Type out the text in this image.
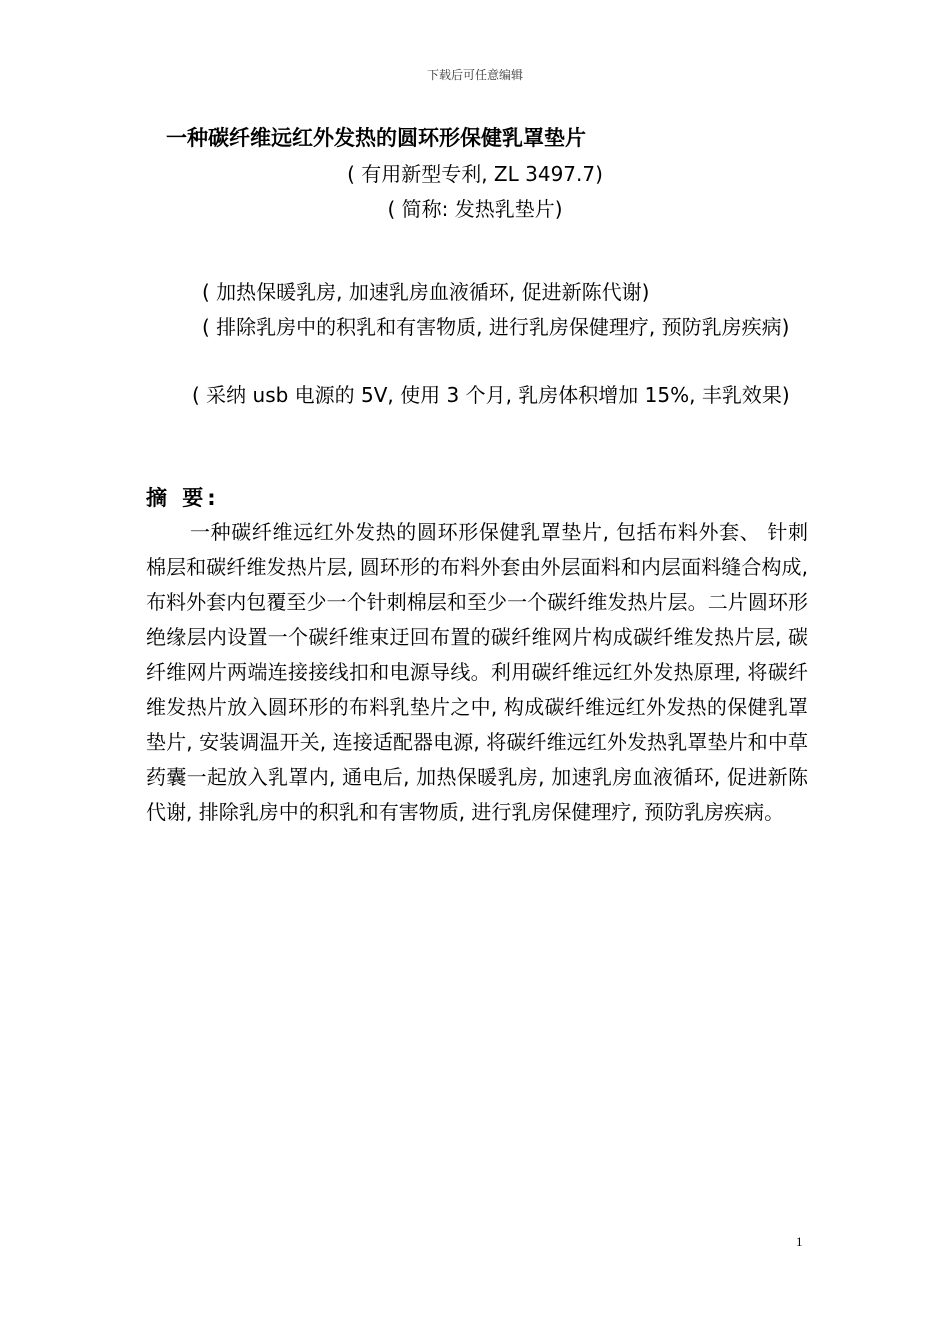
下载后可任意编辑
一种碳纤维远红外发热的圆环形保健乳罩垫片
( 有用新型专利, ZL 3497.7)
( 简称: 发热乳垫片)
( 加热保暖乳房, 加速乳房血液循环, 促进新陈代谢)
( 排除乳房中的积乳和有害物质, 进行乳房保健理疗, 预防乳房疾病)
( 采纳 usb 电源的 5V, 使用 3 个月, 乳房体积增加 15%, 丰乳效果)
摘 要:
一种碳纤维远红外发热的圆环形保健乳罩垫片, 包括布料外套、 针刺棉层和碳纤维发热片层, 圆环形的布料外套由外层面料和内层面料缝合构成, 布料外套内包覆至少一个针刺棉层和至少一个碳纤维发热片层。二片圆环形绝缘层内设置一个碳纤维束迂回布置的碳纤维网片构成碳纤维发热片层, 碳纤维网片两端连接接线扣和电源导线。利用碳纤维远红外发热原理, 将碳纤维发热片放入圆环形的布料乳垫片之中, 构成碳纤维远红外发热的保健乳罩垫片, 安装调温开关, 连接适配器电源, 将碳纤维远红外发热乳罩垫片和中草药囊一起放入乳罩内, 通电后, 加热保暖乳房, 加速乳房血液循环, 促进新陈代谢, 排除乳房中的积乳和有害物质, 进行乳房保健理疗, 预防乳房疾病。
1
